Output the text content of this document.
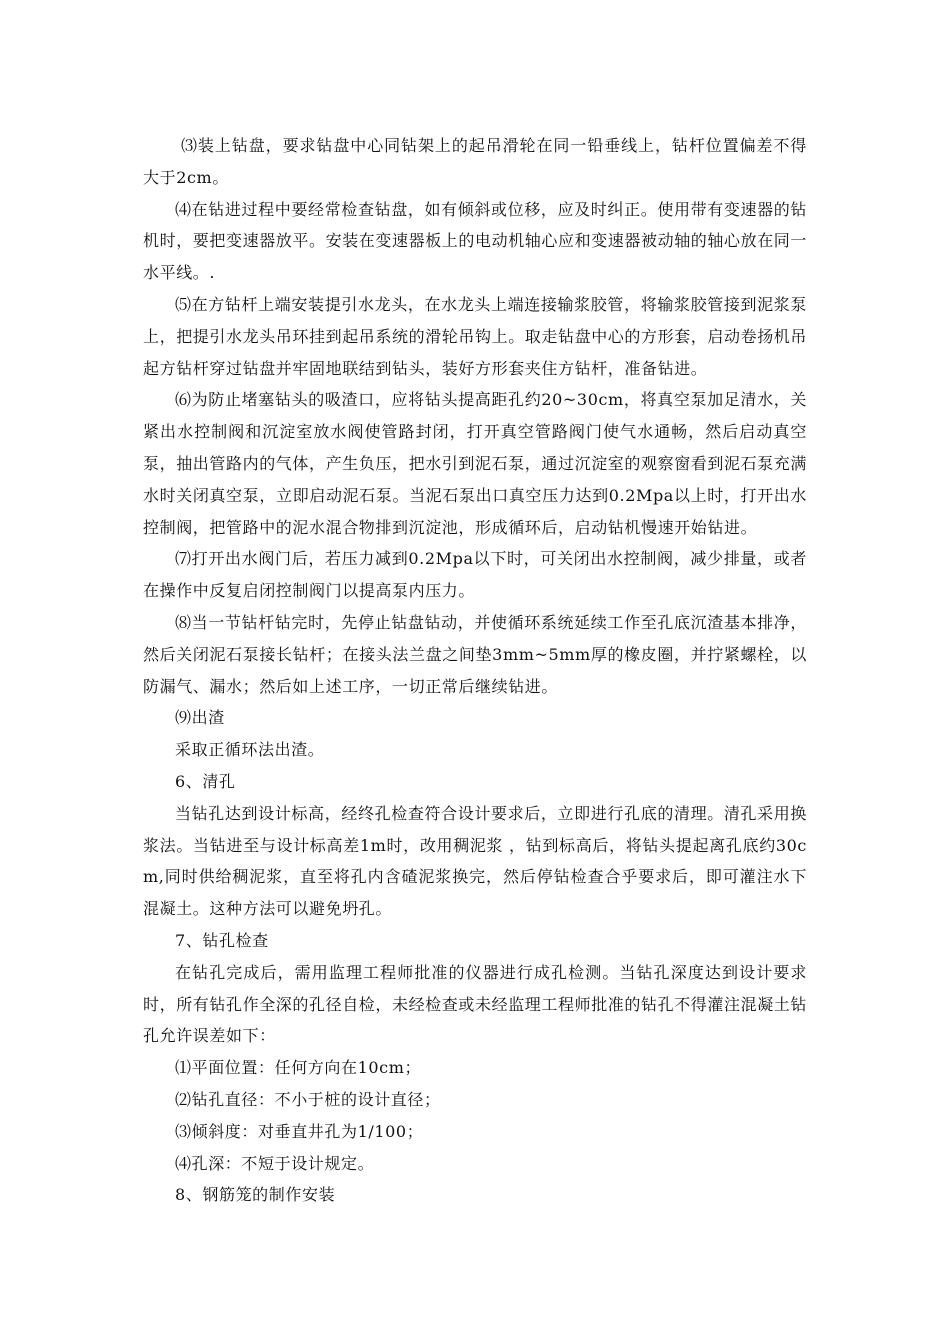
⑶装上钻盘，要求钻盘中心同钻架上的起吊滑轮在同一铅垂线上，钻杆位置偏差不得大于2cm。

⑷在钻进过程中要经常检查钻盘，如有倾斜或位移，应及时纠正。使用带有变速器的钻机时，要把变速器放平。安装在变速器板上的电动机轴心应和变速器被动轴的轴心放在同一水平线。.

⑸在方钻杆上端安装提引水龙头，在水龙头上端连接输浆胶管，将输浆胶管接到泥浆泵上，把提引水龙头吊环挂到起吊系统的滑轮吊钩上。取走钻盘中心的方形套，启动卷扬机吊起方钻杆穿过钻盘并牢固地联结到钻头，装好方形套夹住方钻杆，准备钻进。

⑹为防止堵塞钻头的吸渣口，应将钻头提高距孔约20~30cm，将真空泵加足清水，关紧出水控制阀和沉淀室放水阀使管路封闭，打开真空管路阀门使气水通畅，然后启动真空泵，抽出管路内的气体，产生负压，把水引到泥石泵，通过沉淀室的观察窗看到泥石泵充满水时关闭真空泵，立即启动泥石泵。当泥石泵出口真空压力达到0.2Mpa以上时，打开出水控制阀，把管路中的泥水混合物排到沉淀池，形成循环后，启动钻机慢速开始钻进。

⑺打开出水阀门后，若压力减到0.2Mpa以下时，可关闭出水控制阀，减少排量，或者在操作中反复启闭控制阀门以提高泵内压力。

⑻当一节钻杆钻完时，先停止钻盘钻动，并使循环系统延续工作至孔底沉渣基本排净，然后关闭泥石泵接长钻杆；在接头法兰盘之间垫3mm~5mm厚的橡皮圈，并拧紧螺栓，以防漏气、漏水；然后如上述工序，一切正常后继续钻进。

⑼出渣

采取正循环法出渣。

6、清孔

当钻孔达到设计标高，经终孔检查符合设计要求后，立即进行孔底的清理。清孔采用换浆法。当钻进至与设计标高差1m时，改用稠泥浆 ，钻到标高后，将钻头提起离孔底约30cm,同时供给稠泥浆，直至将孔内含碴泥浆换完，然后停钻检查合乎要求后，即可灌注水下混凝土。这种方法可以避免坍孔。

7、钻孔检查

在钻孔完成后，需用监理工程师批准的仪器进行成孔检测。当钻孔深度达到设计要求时，所有钻孔作全深的孔径自检，未经检查或未经监理工程师批准的钻孔不得灌注混凝土钻孔允许误差如下：

⑴平面位置：任何方向在10cm；

⑵钻孔直径：不小于桩的设计直径；

⑶倾斜度：对垂直井孔为1/100；

⑷孔深：不短于设计规定。

8、钢筋笼的制作安装
